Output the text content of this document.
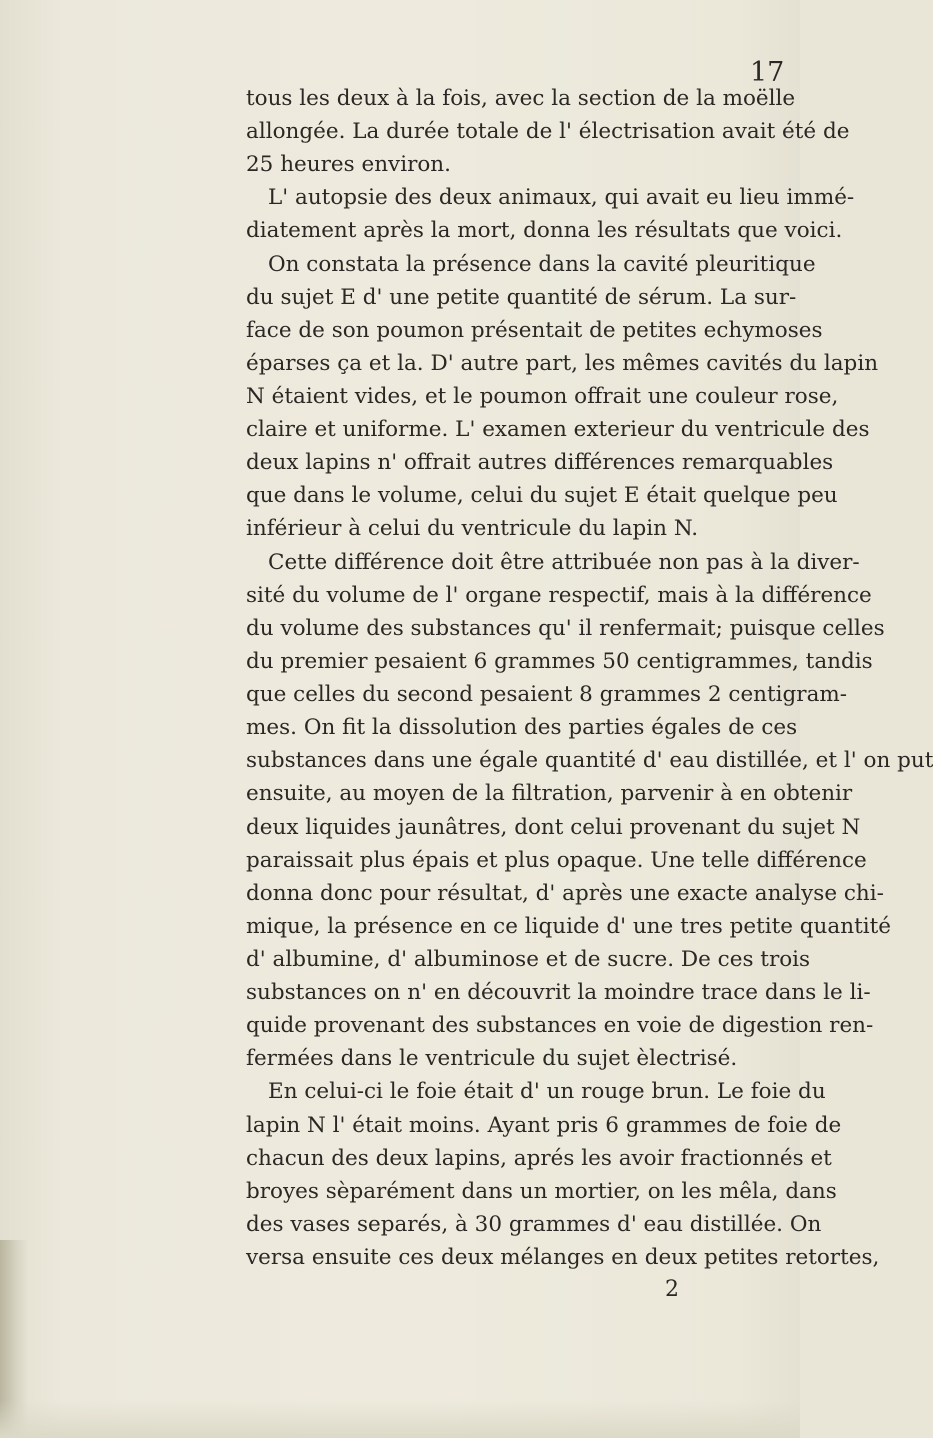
17

tous les deux à la fois, avec la section de la moëlle
allongée. La durée totale de l' électrisation avait été de
25 heures environ.
L' autopsie des deux animaux, qui avait eu lieu immé-
diatement après la mort, donna les résultats que voici.
On constata la présence dans la cavité pleuritique
du sujet E d' une petite quantité de sérum. La sur-
face de son poumon présentait de petites echymoses
éparses ça et la. D' autre part, les mêmes cavités du lapin
N étaient vides, et le poumon offrait une couleur rose,
claire et uniforme. L' examen exterieur du ventricule des
deux lapins n' offrait autres différences remarquables
que dans le volume, celui du sujet E était quelque peu
inférieur à celui du ventricule du lapin N.
Cette différence doit être attribuée non pas à la diver-
sité du volume de l' organe respectif, mais à la différence
du volume des substances qu' il renfermait; puisque celles
du premier pesaient 6 grammes 50 centigrammes, tandis
que celles du second pesaient 8 grammes 2 centigram-
mes. On fit la dissolution des parties égales de ces
substances dans une égale quantité d' eau distillée, et l' on put
ensuite, au moyen de la filtration, parvenir à en obtenir
deux liquides jaunâtres, dont celui provenant du sujet N
paraissait plus épais et plus opaque. Une telle différence
donna donc pour résultat, d' après une exacte analyse chi-
mique, la présence en ce liquide d' une tres petite quantité
d' albumine, d' albuminose et de sucre. De ces trois
substances on n' en découvrit la moindre trace dans le li-
quide provenant des substances en voie de digestion ren-
fermées dans le ventricule du sujet èlectrisé.
En celui-ci le foie était d' un rouge brun. Le foie du
lapin N l' était moins. Ayant pris 6 grammes de foie de
chacun des deux lapins, aprés les avoir fractionnés et
broyes sèparément dans un mortier, on les mêla, dans
des vases separés, à 30 grammes d' eau distillée. On
versa ensuite ces deux mélanges en deux petites retortes,
2
